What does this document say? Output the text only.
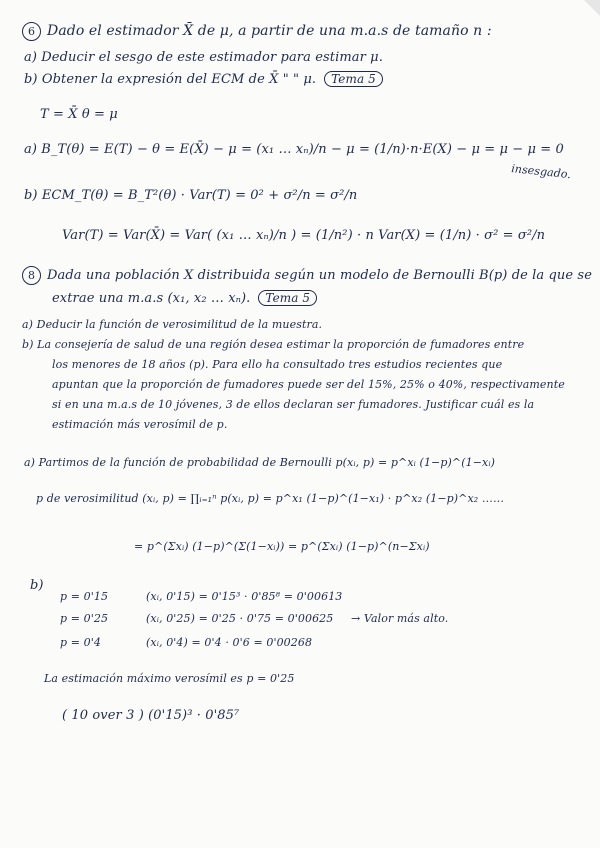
6 Dado el estimador X̄ de μ, a partir de una m.a.s de tamaño n :
a) Deducir el sesgo de este estimador para estimar μ.
b) Obtener la expresión del ECM de X̄ " " μ. Tema 5
T = X̄ θ = μ
a) B_T(θ) = E(T) − θ = E(X̄) − μ = (x₁ … xₙ)/n − μ = (1/n)·n·E(X) − μ = μ − μ = 0
insesgado.
b) ECM_T(θ) = B_T²(θ) · Var(T) = 0² + σ²/n = σ²/n
Var(T) = Var(X̄) = Var( (x₁ … xₙ)/n ) = (1/n²) · n Var(X) = (1/n) · σ² = σ²/n
8 Dada una población X distribuida según un modelo de Bernoulli B(p) de la que se
extrae una m.a.s (x₁, x₂ … xₙ). Tema 5
a) Deducir la función de verosimilitud de la muestra.
b) La consejería de salud de una región desea estimar la proporción de fumadores entre
los menores de 18 años (p). Para ello ha consultado tres estudios recientes que
apuntan que la proporción de fumadores puede ser del 15%, 25% o 40%, respectivamente
si en una m.a.s de 10 jóvenes, 3 de ellos declaran ser fumadores. Justificar cuál es la
estimación más verosímil de p.
a) Partimos de la función de probabilidad de Bernoulli p(xᵢ, p) = p^xᵢ (1−p)^(1−xᵢ)
p de verosimilitud (xᵢ, p) = ∏ᵢ₌₁ⁿ p(xᵢ, p) = p^x₁ (1−p)^(1−x₁) · p^x₂ (1−p)^x₂ ……
= p^(Σxᵢ) (1−p)^(Σ(1−xᵢ)) = p^(Σxᵢ) (1−p)^(n−Σxᵢ)
b)
p = 0'15	(xᵢ, 0'15) = 0'15³ · 0'85⁸ = 0'00613
p = 0'25	(xᵢ, 0'25) = 0'25 · 0'75 = 0'00625 → Valor más alto.
p = 0'4	(xᵢ, 0'4) = 0'4 · 0'6 = 0'00268
La estimación máximo verosímil es p = 0'25
( 10 over 3 ) (0'15)³ · 0'85⁷
